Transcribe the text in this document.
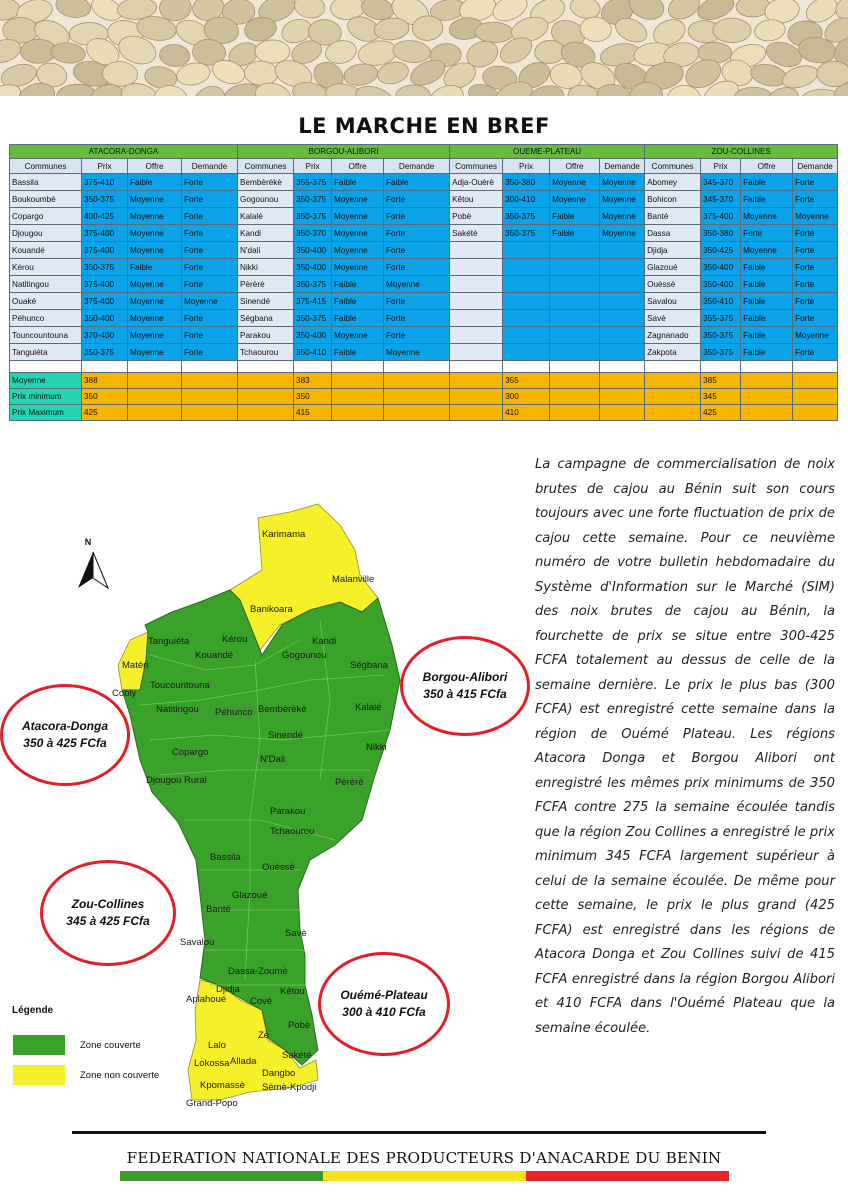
LE MARCHE EN BREF
ATACORA-DONGA				BORGOU-ALIBORI				OUEME-PLATEAU				ZOU-COLLINES			
Communes	Prix	Offre	Demande	Communes	Prix	Offre	Demande	Communes	Prix	Offre	Demande	Communes	Prix	Offre	Demande
Bassila	375-410	Faible	Forte	Bembèrèkè	355-375	Faible	Faible	Adja-Ouèrè	350-380	Moyenne	Moyenne	Abomey	345-370	Faible	Forte
Boukoumbé	350-375	Moyenne	Forte	Gogounou	350-375	Moyenne	Forte	Kêtou	300-410	Moyenne	Moyenne	Bohicon	345-370	Faible	Forte
Copargo	400-425	Moyenne	Forte	Kalalé	350-375	Moyenne	Forte	Pobè	350-375	Faible	Moyenne	Banté	375-400	Moyenne	Moyenne
Djougou	375-400	Moyenne	Forte	Kandi	350-370	Moyenne	Forte	Sakété	350-375	Faible	Moyenne	Dassa	350-380	Forte	Forte
Kouandé	375-400	Moyenne	Forte	N'dali	350-400	Moyenne	Forte					Djidja	350-425	Moyenne	Forte
Kérou	350-375	Faible	Forte	Nikki	350-400	Moyenne	Forte					Glazoué	350-400	Faible	Forte
Natitingou	375-400	Moyenne	Forte	Pèrèrè	350-375	Faible	Moyenne					Ouèssè	350-400	Faible	Forte
Ouaké	375-400	Moyenne	Moyenne	Sinendé	375-415	Faible	Forte					Savalou	350-410	Faible	Forte
Péhunco	350-400	Moyenne	Forte	Ségbana	350-375	Faible	Forte					Savè	355-375	Faible	Forte
Touncountouna	370-400	Moyenne	Forte	Parakou	350-400	Moyenne	Forte					Zagnanado	350-375	Faible	Moyenne
Tanguiéta	350-375	Moyenne	Forte	Tchaourou	350-410	Faible	Moyenne					Zakpota	350-375	Faible	Forte

Moyenne	388				383				355				385		
Prix minimum	350				350				300				345		
Prix Maximum	425				415				410				425		
N
Karimama
Malanville
Banikoara
Kérou	Kandi
Tanguiéta
Matéri
Kouandé	Gogounou
Ségbana
Cobly
Toucountouna
Natitingou Péhunco Bembèrèkè	Kalalé
Sinendé
Nikki
Copargo
N'Dali
Djougou Rural	Pèrèrè
Parakou
Tchaourou
Bassila
Ouèssè
Glazoué
Banté
Savè
Savalou
Dassa-Zoumè
Djidja
Aplahoué	Covè
Kêtou
Pobè
Lalo
Zè
Sakété
Lokossa Allada
Kpomassè
Dangbo
Sèmè-Kpodji
Grand-Popo
Légende
Zone couverte
Zone non couverte
Atacora-Donga
350 à 425 FCfa
Borgou-Alibori
350 à 415 FCfa
Zou-Collines
345 à 425 FCfa
Ouémé-Plateau
300 à 410 FCfa
La campagne de commercialisation de noix brutes de cajou au Bénin suit son cours toujours avec une forte fluctuation de prix de cajou cette semaine. Pour ce neuvième numéro de votre bulletin hebdomadaire du Système d'Information sur le Marché (SIM) des noix brutes de cajou au Bénin, la fourchette de prix se situe entre 300-425 FCFA totalement au dessus de celle de la semaine dernière. Le prix le plus bas (300 FCFA) est enregistré cette semaine dans la région de Ouémé Plateau. Les régions Atacora Donga et Borgou Alibori ont enregistré les mêmes prix minimums de 350 FCFA contre 275 la semaine écoulée tandis que la région Zou Collines a enregistré le prix minimum 345 FCFA largement supérieur à celui de la semaine écoulée. De même pour cette semaine, le prix le plus grand (425 FCFA) est enregistré dans les régions de Atacora Donga et Zou Collines suivi de 415 FCFA enregistré dans la région Borgou Alibori et 410 FCFA dans l'Ouémé Plateau que la semaine écoulée.
FEDERATION NATIONALE DES PRODUCTEURS D'ANACARDE DU BENIN
